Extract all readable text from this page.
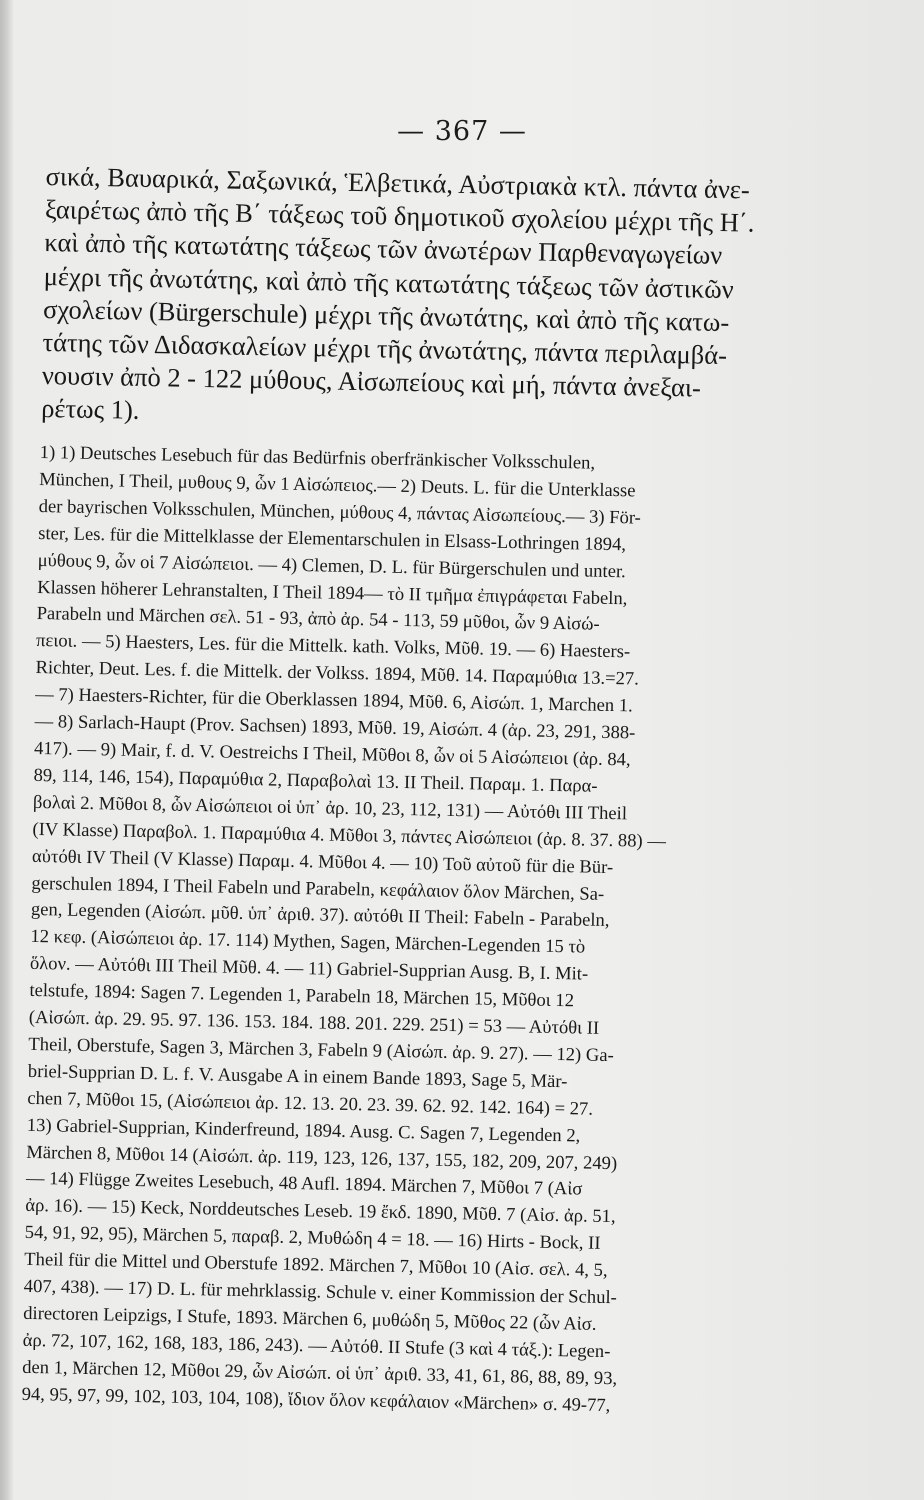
— 367 —
σικά, Βαυαρικά, Σαξωνικά, Ἑλβετικά, Αὐστριακὰ κτλ. πάντα ἀνε-
ξαιρέτως ἀπὸ τῆς Β΄ τάξεως τοῦ δημοτικοῦ σχολείου μέχρι τῆς Η΄.
καὶ ἀπὸ τῆς κατωτάτης τάξεως τῶν ἀνωτέρων Παρθεναγωγείων
μέχρι τῆς ἀνωτάτης, καὶ ἀπὸ τῆς κατωτάτης τάξεως τῶν ἀστικῶν
σχολείων (Bürgerschule) μέχρι τῆς ἀνωτάτης, καὶ ἀπὸ τῆς κατω-
τάτης τῶν Διδασκαλείων μέχρι τῆς ἀνωτάτης, πάντα περιλαμβά-
νουσιν ἀπὸ 2 - 122 μύθους, Αἰσωπείους καὶ μή, πάντα ἀνεξαι-
ρέτως 1).
1) 1) Deutsches Lesebuch für das Bedürfnis oberfränkischer Volksschulen,
München, I Theil, μυθους 9, ὧν 1 Αἰσώπειος.— 2) Deuts. L. für die Unterklasse
der bayrischen Volksschulen, München, μύθους 4, πάντας Αἰσωπείους.— 3) För-
ster, Les. für die Mittelklasse der Elementarschulen in Elsass-Lothringen 1894,
μύθους 9, ὧν οἱ 7 Αἰσώπειοι. — 4) Clemen, D. L. für Bürgerschulen und unter.
Klassen höherer Lehranstalten, I Theil 1894— τὸ ΙΙ τμῆμα ἐπιγράφεται Fabeln,
Parabeln und Märchen σελ. 51 - 93, ἀπὸ ἀρ. 54 - 113, 59 μῦθοι, ὧν 9 Αἰσώ-
πειοι. — 5) Haesters, Les. für die Mittelk. kath. Volks, Μῦθ. 19. — 6) Haesters-
Richter, Deut. Les. f. die Mittelk. der Volkss. 1894, Μῦθ. 14. Παραμύθια 13.=27.
— 7) Haesters-Richter, für die Oberklassen 1894, Μῦθ. 6, Αἰσώπ. 1, Marchen 1.
— 8) Sarlach-Haupt (Prov. Sachsen) 1893, Μῦθ. 19, Αἰσώπ. 4 (ἀρ. 23, 291, 388-
417). — 9) Mair, f. d. V. Oestreichs I Theil, Μῦθοι 8, ὧν οἱ 5 Αἰσώπειοι (ἀρ. 84,
89, 114, 146, 154), Παραμύθια 2, Παραβολαὶ 13. II Theil. Παραμ. 1. Παρα-
βολαὶ 2. Μῦθοι 8, ὧν Αἰσώπειοι οἱ ὑπ᾽ ἀρ. 10, 23, 112, 131) — Αὐτόθι III Theil
(IV Klasse) Παραβολ. 1. Παραμύθια 4. Μῦθοι 3, πάντες Αἰσώπειοι (ἀρ. 8. 37. 88) —
αὐτόθι IV Theil (V Klasse) Παραμ. 4. Μῦθοι 4. — 10) Τοῦ αὐτοῦ für die Bür-
gerschulen 1894, I Theil Fabeln und Parabeln, κεφάλαιον ὅλον Märchen, Sa-
gen, Legenden (Αἰσώπ. μῦθ. ὑπ᾽ ἀριθ. 37). αὐτόθι II Theil: Fabeln - Parabeln,
12 κεφ. (Αἰσώπειοι ἀρ. 17. 114) Mythen, Sagen, Märchen-Legenden 15 τὸ
ὅλον. — Αὐτόθι III Theil Μῦθ. 4. — 11) Gabriel-Supprian Ausg. B, I. Mit-
telstufe, 1894: Sagen 7. Legenden 1, Parabeln 18, Märchen 15, Μῦθοι 12
(Αἰσώπ. ἀρ. 29. 95. 97. 136. 153. 184. 188. 201. 229. 251) = 53 — Αὐτόθι II
Theil, Oberstufe, Sagen 3, Märchen 3, Fabeln 9 (Αἰσώπ. ἀρ. 9. 27). — 12) Ga-
briel-Supprian D. L. f. V. Ausgabe A in einem Bande 1893, Sage 5, Mär-
chen 7, Μῦθοι 15, (Αἰσώπειοι ἀρ. 12. 13. 20. 23. 39. 62. 92. 142. 164) = 27.
13) Gabriel-Supprian, Kinderfreund, 1894. Ausg. C. Sagen 7, Legenden 2,
Märchen 8, Μῦθοι 14 (Αἰσώπ. ἀρ. 119, 123, 126, 137, 155, 182, 209, 207, 249)
— 14) Flügge Zweites Lesebuch, 48 Aufl. 1894. Märchen 7, Μῦθοι 7 (Αἰσ
ἀρ. 16). — 15) Keck, Norddeutsches Leseb. 19 ἔκδ. 1890, Μῦθ. 7 (Αἰσ. ἀρ. 51,
54, 91, 92, 95), Märchen 5, παραβ. 2, Μυθώδη 4 = 18. — 16) Hirts - Bock, II
Theil für die Mittel und Oberstufe 1892. Märchen 7, Μῦθοι 10 (Αἰσ. σελ. 4, 5,
407, 438). — 17) D. L. für mehrklassig. Schule v. einer Kommission der Schul-
directoren Leipzigs, I Stufe, 1893. Märchen 6, μυθώδη 5, Μῦθος 22 (ὧν Αἰσ.
ἀρ. 72, 107, 162, 168, 183, 186, 243). — Αὐτόθ. II Stufe (3 καὶ 4 τάξ.): Legen-
den 1, Märchen 12, Μῦθοι 29, ὧν Αἰσώπ. οἱ ὑπ᾽ ἀριθ. 33, 41, 61, 86, 88, 89, 93,
94, 95, 97, 99, 102, 103, 104, 108), ἴδιον ὅλον κεφάλαιον «Märchen» σ. 49-77,
